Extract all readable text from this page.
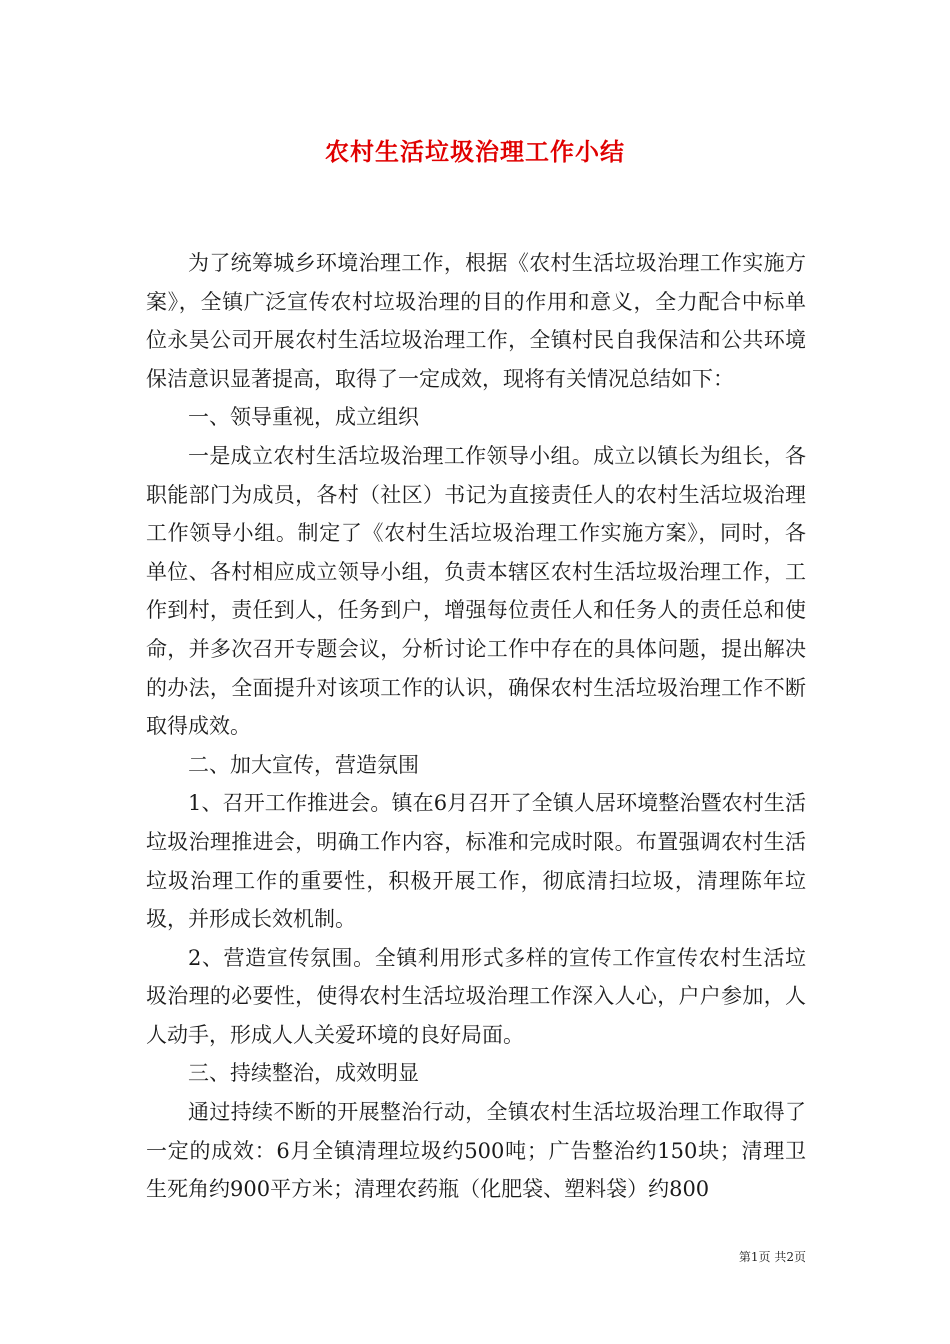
农村生活垃圾治理工作小结

为了统筹城乡环境治理工作，根据《农村生活垃圾治理工作实施方案》，全镇广泛宣传农村垃圾治理的目的作用和意义，全力配合中标单位永昊公司开展农村生活垃圾治理工作，全镇村民自我保洁和公共环境保洁意识显著提高，取得了一定成效，现将有关情况总结如下：

一、领导重视，成立组织

一是成立农村生活垃圾治理工作领导小组。成立以镇长为组长，各职能部门为成员，各村（社区）书记为直接责任人的农村生活垃圾治理工作领导小组。制定了《农村生活垃圾治理工作实施方案》，同时，各单位、各村相应成立领导小组，负责本辖区农村生活垃圾治理工作，工作到村，责任到人，任务到户，增强每位责任人和任务人的责任总和使命，并多次召开专题会议，分析讨论工作中存在的具体问题，提出解决的办法，全面提升对该项工作的认识，确保农村生活垃圾治理工作不断取得成效。

二、加大宣传，营造氛围

1、召开工作推进会。镇在6月召开了全镇人居环境整治暨农村生活垃圾治理推进会，明确工作内容，标准和完成时限。布置强调农村生活垃圾治理工作的重要性，积极开展工作，彻底清扫垃圾，清理陈年垃圾，并形成长效机制。

2、营造宣传氛围。全镇利用形式多样的宣传工作宣传农村生活垃圾治理的必要性，使得农村生活垃圾治理工作深入人心，户户参加，人人动手，形成人人关爱环境的良好局面。

三、持续整治，成效明显

通过持续不断的开展整治行动，全镇农村生活垃圾治理工作取得了一定的成效：6月全镇清理垃圾约500吨；广告整治约150块；清理卫生死角约900平方米；清理农药瓶（化肥袋、塑料袋）约800

第1页 共2页
